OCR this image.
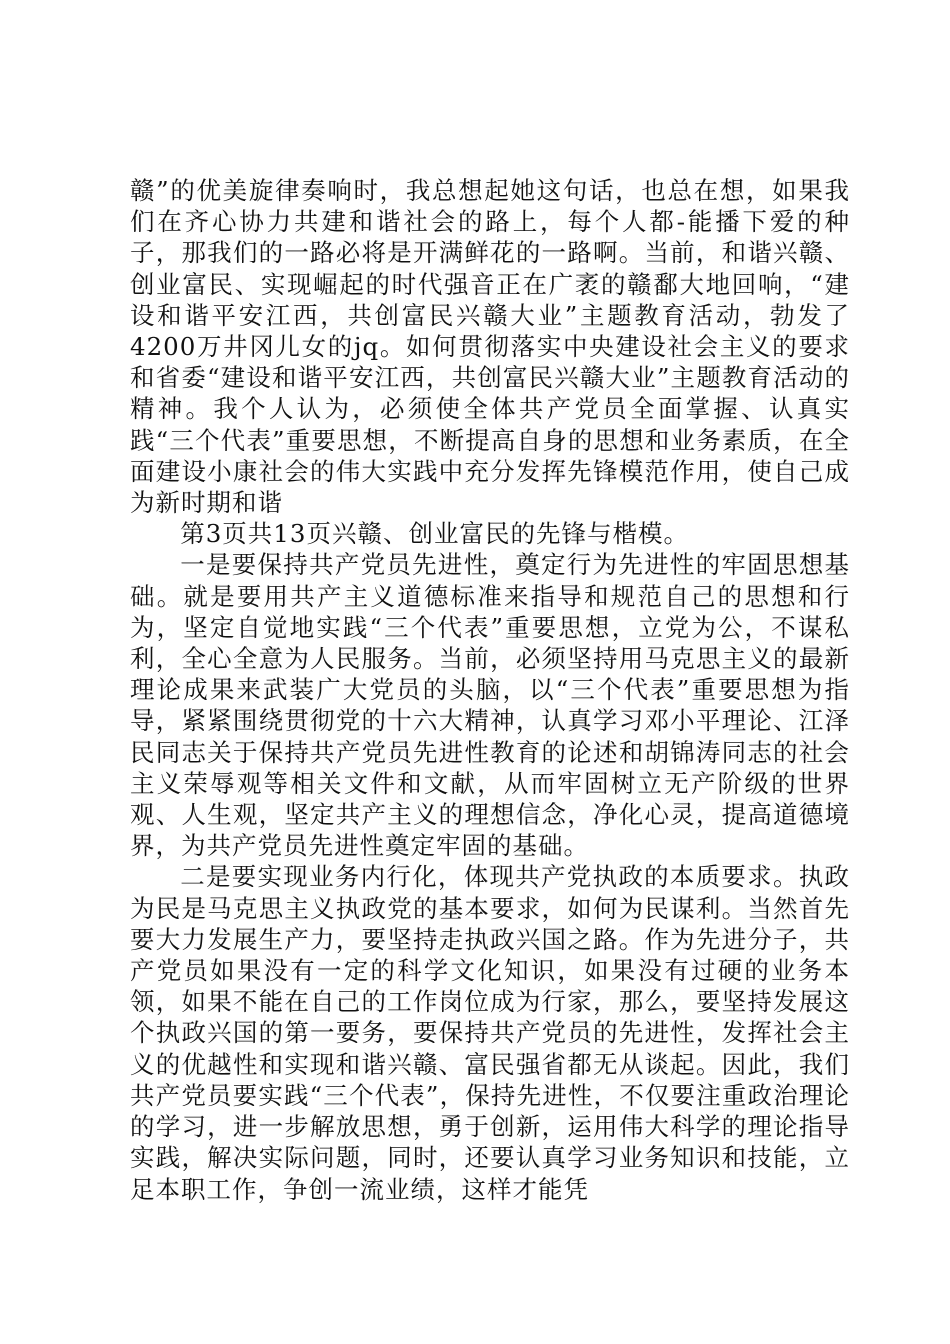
赣”的优美旋律奏响时，我总想起她这句话，也总在想，如果我们在齐心协力共建和谐社会的路上，每个人都-能播下爱的种子，那我们的一路必将是开满鲜花的一路啊。当前，和谐兴赣、创业富民、实现崛起的时代强音正在广袤的赣鄱大地回响，“建设和谐平安江西，共创富民兴赣大业”主题教育活动，勃发了4200万井冈儿女的jq。如何贯彻落实中央建设社会主义的要求和省委“建设和谐平安江西，共创富民兴赣大业”主题教育活动的精神。我个人认为，必须使全体共产党员全面掌握、认真实践“三个代表”重要思想，不断提高自身的思想和业务素质，在全面建设小康社会的伟大实践中充分发挥先锋模范作用，使自己成为新时期和谐

第3页共13页兴赣、创业富民的先锋与楷模。

一是要保持共产党员先进性，奠定行为先进性的牢固思想基础。就是要用共产主义道德标准来指导和规范自己的思想和行为，坚定自觉地实践“三个代表”重要思想，立党为公，不谋私利，全心全意为人民服务。当前，必须坚持用马克思主义的最新理论成果来武装广大党员的头脑，以“三个代表”重要思想为指导，紧紧围绕贯彻党的十六大精神，认真学习邓小平理论、江泽民同志关于保持共产党员先进性教育的论述和胡锦涛同志的社会主义荣辱观等相关文件和文献，从而牢固树立无产阶级的世界观、人生观，坚定共产主义的理想信念，净化心灵，提高道德境界，为共产党员先进性奠定牢固的基础。

二是要实现业务内行化，体现共产党执政的本质要求。执政为民是马克思主义执政党的基本要求，如何为民谋利。当然首先要大力发展生产力，要坚持走执政兴国之路。作为先进分子，共产党员如果没有一定的科学文化知识，如果没有过硬的业务本领，如果不能在自己的工作岗位成为行家，那么，要坚持发展这个执政兴国的第一要务，要保持共产党员的先进性，发挥社会主义的优越性和实现和谐兴赣、富民强省都无从谈起。因此，我们共产党员要实践“三个代表”，保持先进性，不仅要注重政治理论的学习，进一步解放思想，勇于创新，运用伟大科学的理论指导实践，解决实际问题，同时，还要认真学习业务知识和技能，立足本职工作，争创一流业绩，这样才能凭
